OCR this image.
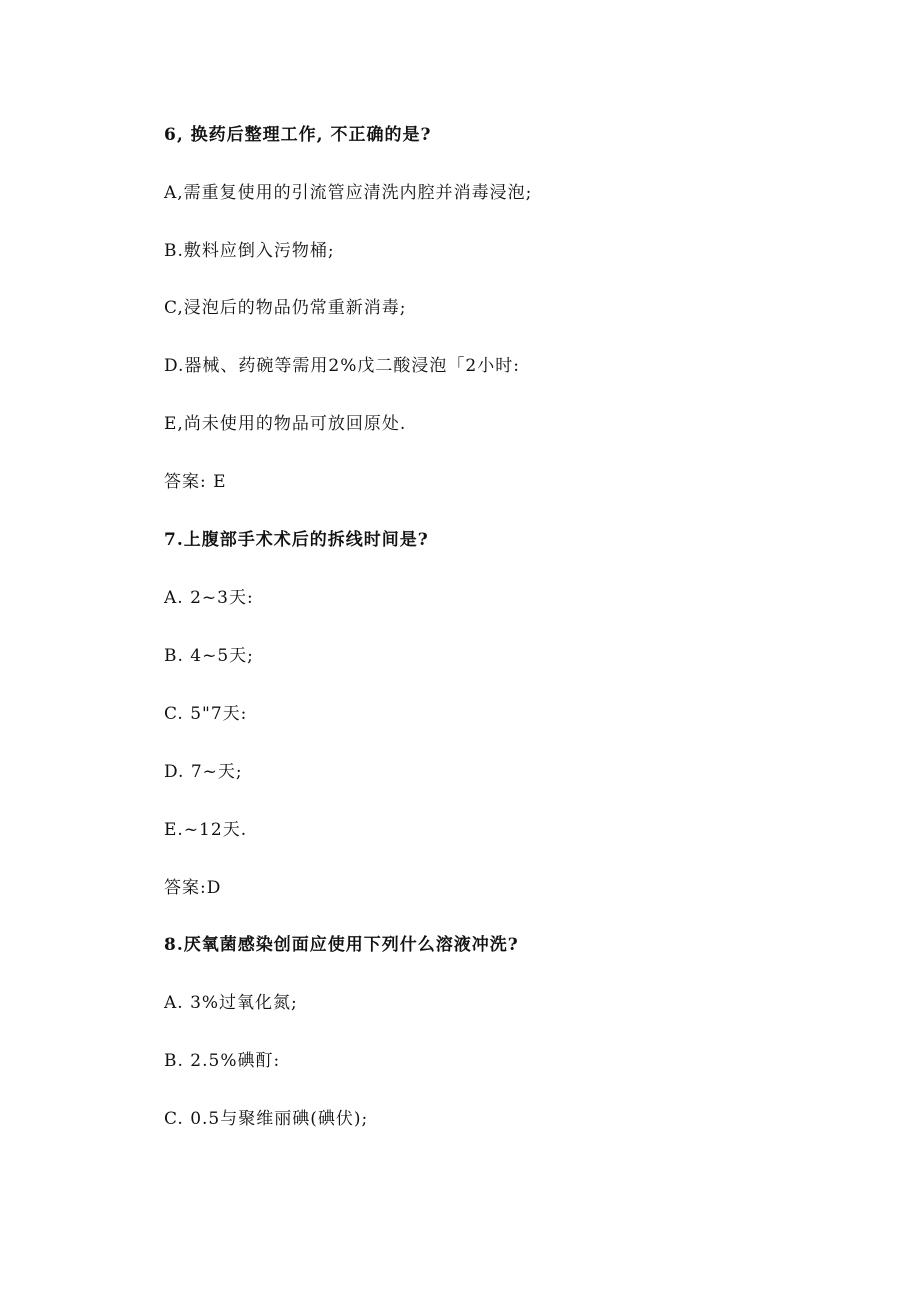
6, 换药后整理工作, 不正确的是?
A,需重复使用的引流管应清洗内腔并消毒浸泡;
B.敷料应倒入污物桶;
C,浸泡后的物品仍常重新消毒;
D.器械、药碗等需用2%戊二酸浸泡「2小时:
E,尚未使用的物品可放回原处.
答案: E
7.上腹部手术术后的拆线时间是?
A. 2~3天:
B. 4~5天;
C. 5"7天:
D. 7~天;
E.~12天.
答案:D
8.厌氧菌感染创面应使用下列什么溶液冲洗?
A. 3%过氧化氮;
B. 2.5%碘酊:
C. 0.5与聚维丽碘(碘伏);
